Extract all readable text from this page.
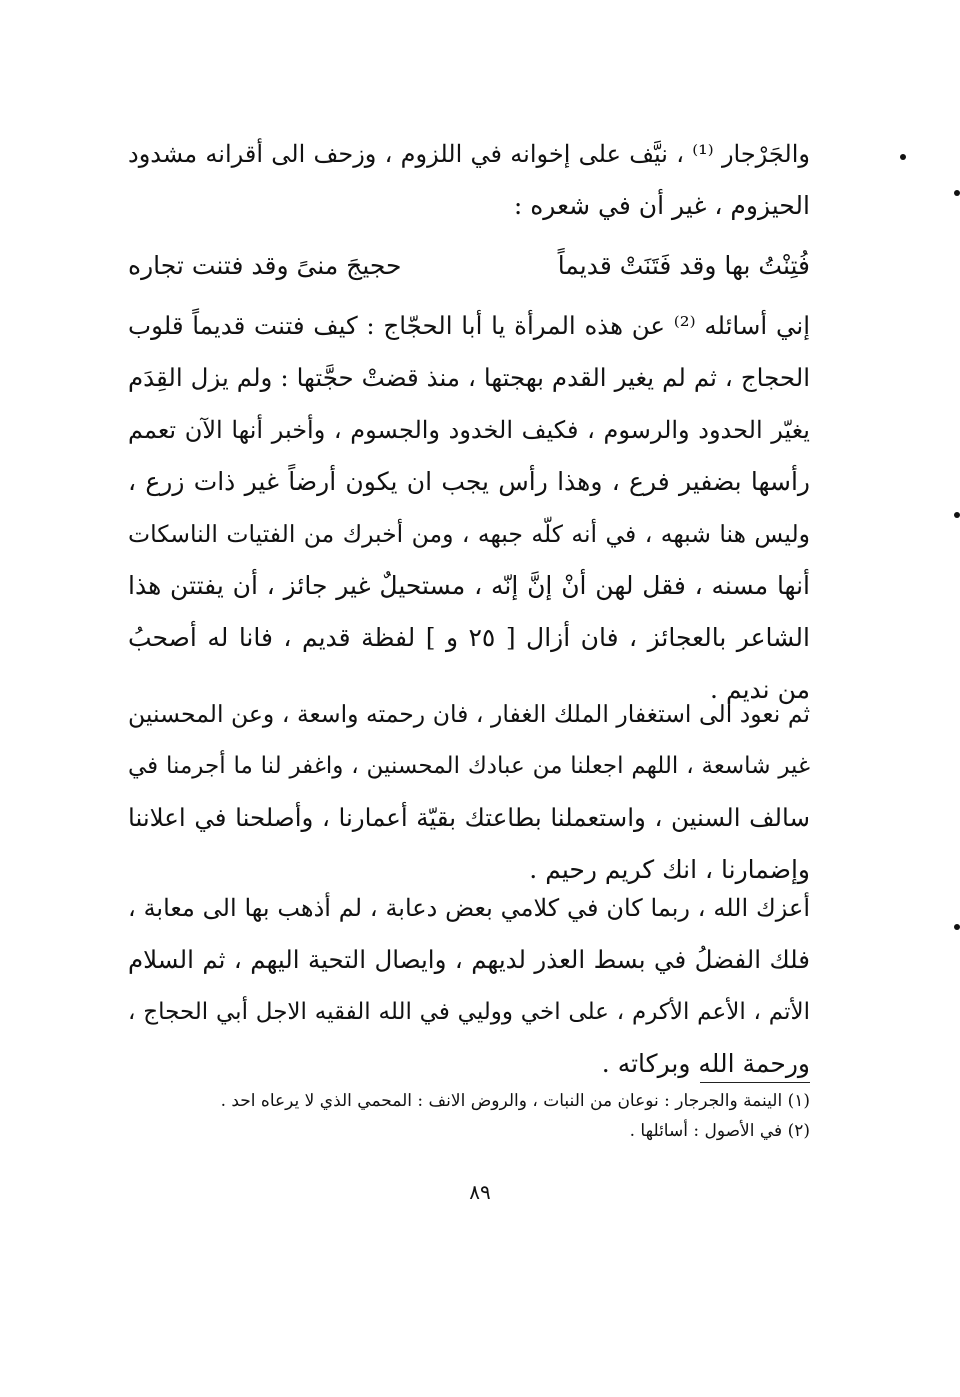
والجَرْجار ⁽¹⁾ ، نيَّف على إخوانه في اللزوم ، وزحف الى أقرانه مشدود
الحيزوم ، غير أن في شعره :

فُتِنْتُ بها وقد فَتَنَتْ قديماً
حجيجَ منىً وقد فتنت تجاره

إني أسائله ⁽²⁾ عن هذه المرأة يا أبا الحجّاج : كيف فتنت قديماً قلوب
الحجاج ، ثم لم يغير القدم بهجتها ، منذ قضتْ حجَّتها : ولم يزل القِدَم
يغيّر الحدود والرسوم ، فكيف الخدود والجسوم ، وأخبر أنها الآن تعمم
رأسها بضفير فرع ، وهذا رأس يجب ان يكون أرضاً غير ذات زرع ،
وليس هنا شبهه ، في أنه كلّه جبهه ، ومن أخبرك من الفتيات الناسكات
أنها مسنه ، فقل لهن أنْ إنَّ إنّه ، مستحيلٌ غير جائز ، أن يفتتن هذا
الشاعر بالعجائز ، فان أزال [ ٢٥ و ] لفظة قديم ، فانا له أصحبُ
من نديم .

ثم نعود الى استغفار الملك الغفار ، فان رحمته واسعة ، وعن المحسنين
غير شاسعة ، اللهم اجعلنا من عبادك المحسنين ، واغفر لنا ما أجرمنا في
سالف السنين ، واستعملنا بطاعتك بقيّة أعمارنا ، وأصلحنا في اعلاننا
وإضمارنا ، انك كريم رحيم .

أعزك الله ، ربما كان في كلامي بعض دعابة ، لم أذهب بها الى معابة ،
فلك الفضلُ في بسط العذر لديهم ، وايصال التحية اليهم ، ثم السلام
الأتم ، الأعم الأكرم ، على اخي ووليي في الله الفقيه الاجل أبي الحجاج ،
ورحمة الله وبركاته .

(١) الينمة والجرجار : نوعان من النبات ، والروض الانف : المحمي الذي لا يرعاه احد .
(٢) في الأصول : أسائلها .
٨٩
